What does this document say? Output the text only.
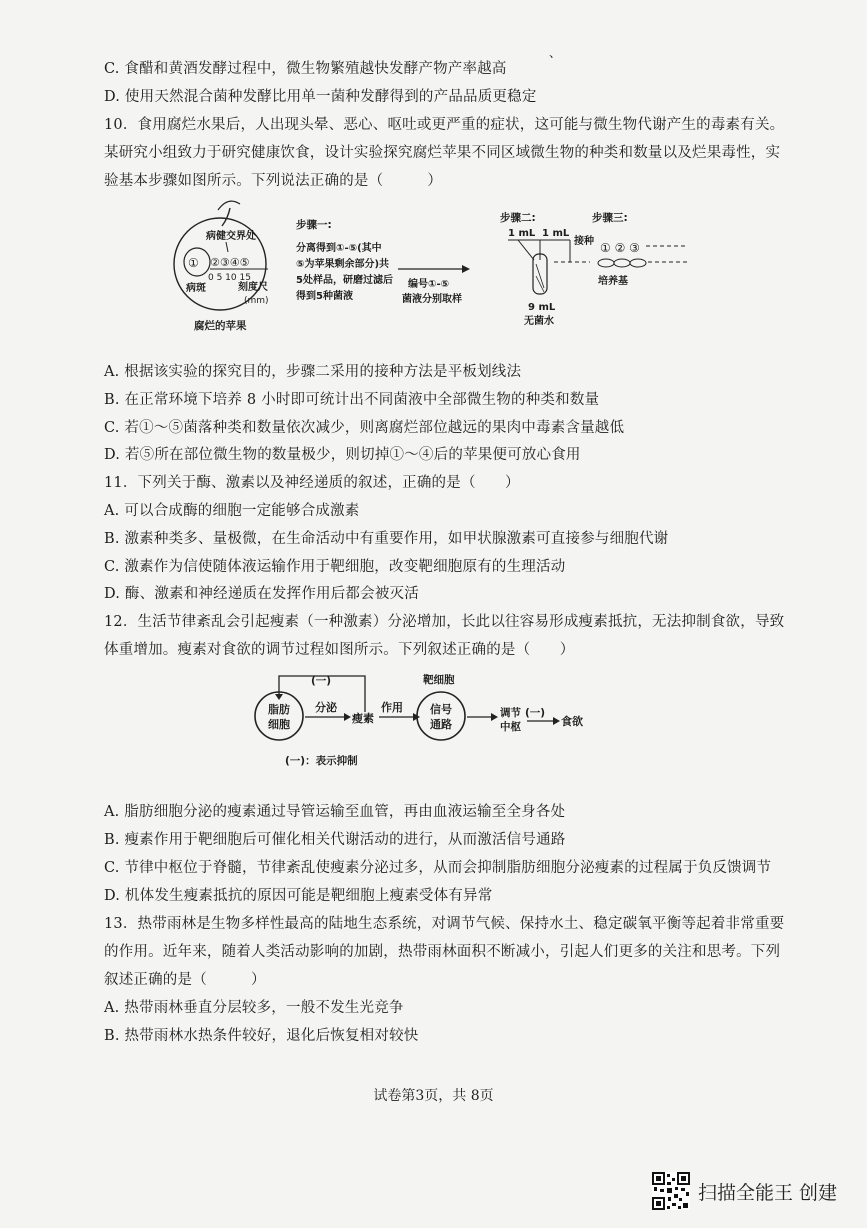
、
C. 食醋和黄酒发酵过程中，微生物繁殖越快发酵产物产率越高
D. 使用天然混合菌种发酵比用单一菌种发酵得到的产品品质更稳定
10．食用腐烂水果后，人出现头晕、恶心、呕吐或更严重的症状，这可能与微生物代谢产生的毒素有关。
某研究小组致力于研究健康饮食，设计实验探究腐烂苹果不同区域微生物的种类和数量以及烂果毒性，实
验基本步骤如图所示。下列说法正确的是（　　　）
病健交界处
① ②③④⑤
0 5 10 15
病斑	刻度尺
(mm)
腐烂的苹果
步骤一:
分离得到①-⑤(其中
⑤为苹果剩余部分)共
5处样品，研磨过滤后
得到5种菌液
编号①-⑤
菌液分别取样
步骤二:
1 mL 1 mL
9 mL
无菌水
接种
步骤三:
① ② ③
培养基
A. 根据该实验的探究目的，步骤二采用的接种方法是平板划线法
B. 在正常环境下培养 8 小时即可统计出不同菌液中全部微生物的种类和数量
C. 若①～⑤菌落种类和数量依次减少，则离腐烂部位越远的果肉中毒素含量越低
D. 若⑤所在部位微生物的数量极少，则切掉①～④后的苹果便可放心食用
11．下列关于酶、激素以及神经递质的叙述，正确的是（　　）
A. 可以合成酶的细胞一定能够合成激素
B. 激素种类多、量极微，在生命活动中有重要作用，如甲状腺激素可直接参与细胞代谢
C. 激素作为信使随体液运输作用于靶细胞，改变靶细胞原有的生理活动
D. 酶、激素和神经递质在发挥作用后都会被灭活
12．生活节律紊乱会引起瘦素（一种激素）分泌增加，长此以往容易形成瘦素抵抗，无法抑制食欲，导致
体重增加。瘦素对食欲的调节过程如图所示。下列叙述正确的是（　　）
(一)
脂肪
细胞
分泌
瘦素
作用
靶细胞
信号
通路
调节 (一)
中枢	食欲
(一)：表示抑制
A. 脂肪细胞分泌的瘦素通过导管运输至血管，再由血液运输至全身各处
B. 瘦素作用于靶细胞后可催化相关代谢活动的进行，从而激活信号通路
C. 节律中枢位于脊髓，节律紊乱使瘦素分泌过多，从而会抑制脂肪细胞分泌瘦素的过程属于负反馈调节
D. 机体发生瘦素抵抗的原因可能是靶细胞上瘦素受体有异常
13．热带雨林是生物多样性最高的陆地生态系统，对调节气候、保持水土、稳定碳氧平衡等起着非常重要
的作用。近年来，随着人类活动影响的加剧，热带雨林面积不断减小，引起人们更多的关注和思考。下列
叙述正确的是（　　　）
A. 热带雨林垂直分层较多，一般不发生光竞争
B. 热带雨林水热条件较好，退化后恢复相对较快
试卷第3页，共 8页
扫描全能王 创建
